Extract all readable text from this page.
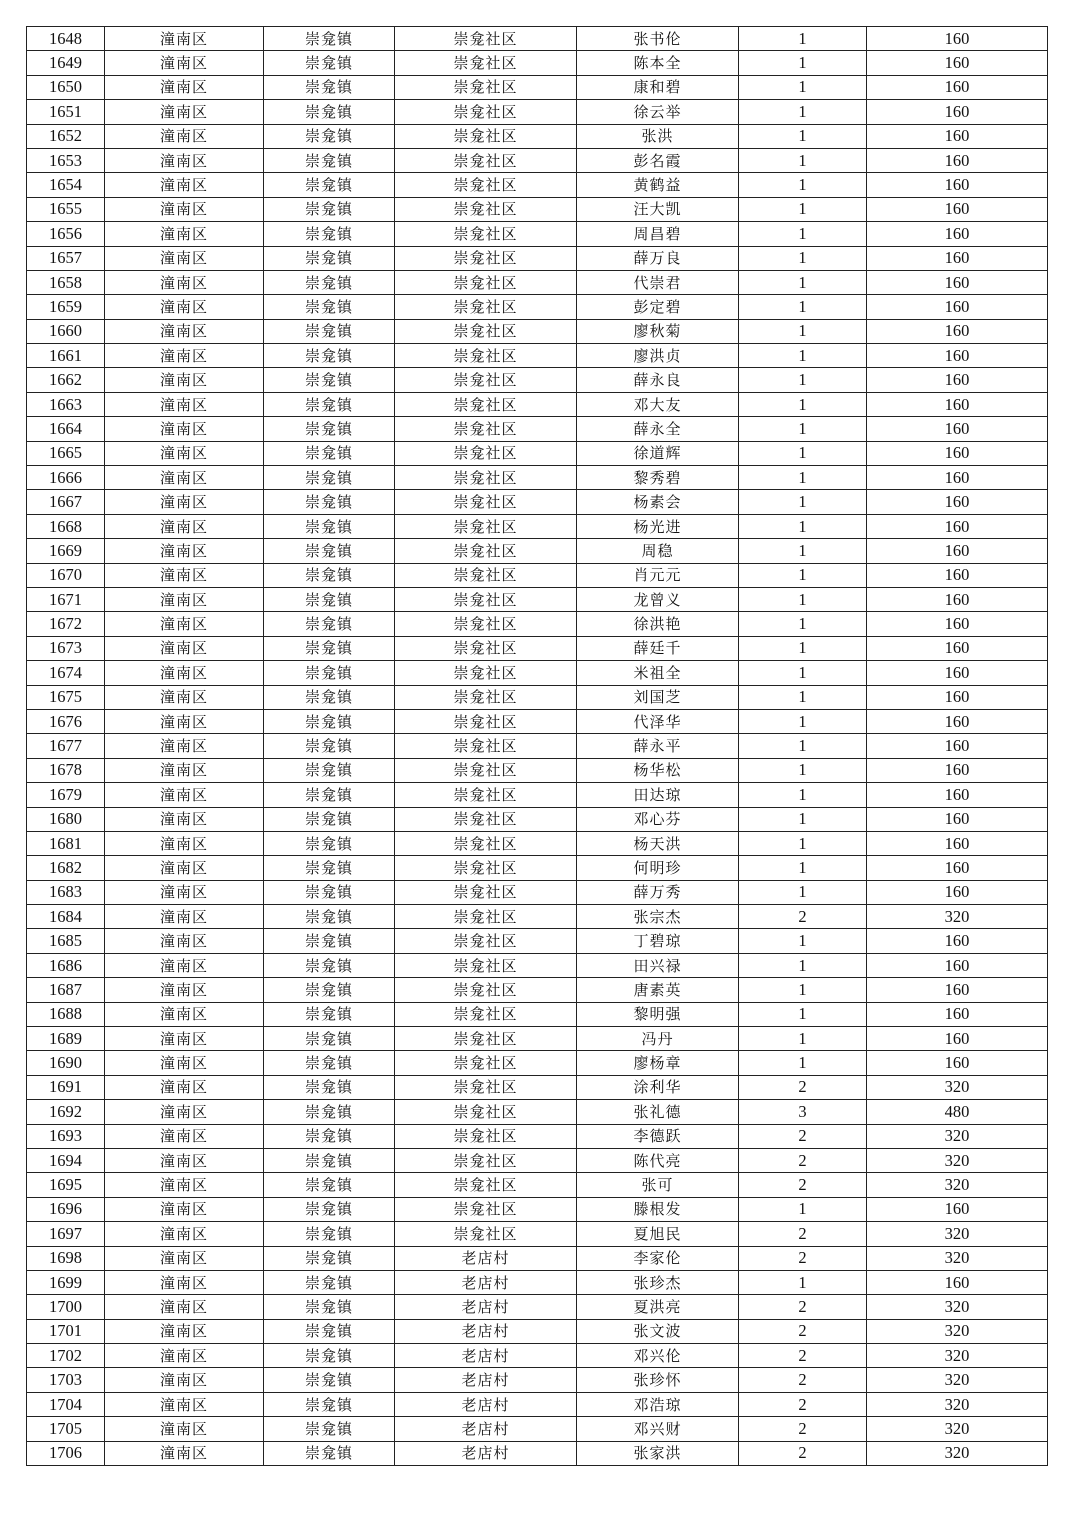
1648	潼南区	崇龛镇	崇龛社区	张书伦	1	160
1649	潼南区	崇龛镇	崇龛社区	陈本全	1	160
1650	潼南区	崇龛镇	崇龛社区	康和碧	1	160
1651	潼南区	崇龛镇	崇龛社区	徐云举	1	160
1652	潼南区	崇龛镇	崇龛社区	张洪	1	160
1653	潼南区	崇龛镇	崇龛社区	彭名霞	1	160
1654	潼南区	崇龛镇	崇龛社区	黄鹤益	1	160
1655	潼南区	崇龛镇	崇龛社区	汪大凯	1	160
1656	潼南区	崇龛镇	崇龛社区	周昌碧	1	160
1657	潼南区	崇龛镇	崇龛社区	薛万良	1	160
1658	潼南区	崇龛镇	崇龛社区	代崇君	1	160
1659	潼南区	崇龛镇	崇龛社区	彭定碧	1	160
1660	潼南区	崇龛镇	崇龛社区	廖秋菊	1	160
1661	潼南区	崇龛镇	崇龛社区	廖洪贞	1	160
1662	潼南区	崇龛镇	崇龛社区	薛永良	1	160
1663	潼南区	崇龛镇	崇龛社区	邓大友	1	160
1664	潼南区	崇龛镇	崇龛社区	薛永全	1	160
1665	潼南区	崇龛镇	崇龛社区	徐道辉	1	160
1666	潼南区	崇龛镇	崇龛社区	黎秀碧	1	160
1667	潼南区	崇龛镇	崇龛社区	杨素会	1	160
1668	潼南区	崇龛镇	崇龛社区	杨光进	1	160
1669	潼南区	崇龛镇	崇龛社区	周稳	1	160
1670	潼南区	崇龛镇	崇龛社区	肖元元	1	160
1671	潼南区	崇龛镇	崇龛社区	龙曾义	1	160
1672	潼南区	崇龛镇	崇龛社区	徐洪艳	1	160
1673	潼南区	崇龛镇	崇龛社区	薛廷千	1	160
1674	潼南区	崇龛镇	崇龛社区	米祖全	1	160
1675	潼南区	崇龛镇	崇龛社区	刘国芝	1	160
1676	潼南区	崇龛镇	崇龛社区	代泽华	1	160
1677	潼南区	崇龛镇	崇龛社区	薛永平	1	160
1678	潼南区	崇龛镇	崇龛社区	杨华松	1	160
1679	潼南区	崇龛镇	崇龛社区	田达琼	1	160
1680	潼南区	崇龛镇	崇龛社区	邓心芬	1	160
1681	潼南区	崇龛镇	崇龛社区	杨天洪	1	160
1682	潼南区	崇龛镇	崇龛社区	何明珍	1	160
1683	潼南区	崇龛镇	崇龛社区	薛万秀	1	160
1684	潼南区	崇龛镇	崇龛社区	张宗杰	2	320
1685	潼南区	崇龛镇	崇龛社区	丁碧琼	1	160
1686	潼南区	崇龛镇	崇龛社区	田兴禄	1	160
1687	潼南区	崇龛镇	崇龛社区	唐素英	1	160
1688	潼南区	崇龛镇	崇龛社区	黎明强	1	160
1689	潼南区	崇龛镇	崇龛社区	冯丹	1	160
1690	潼南区	崇龛镇	崇龛社区	廖杨章	1	160
1691	潼南区	崇龛镇	崇龛社区	涂利华	2	320
1692	潼南区	崇龛镇	崇龛社区	张礼德	3	480
1693	潼南区	崇龛镇	崇龛社区	李德跃	2	320
1694	潼南区	崇龛镇	崇龛社区	陈代亮	2	320
1695	潼南区	崇龛镇	崇龛社区	张可	2	320
1696	潼南区	崇龛镇	崇龛社区	滕根发	1	160
1697	潼南区	崇龛镇	崇龛社区	夏旭民	2	320
1698	潼南区	崇龛镇	老店村	李家伦	2	320
1699	潼南区	崇龛镇	老店村	张珍杰	1	160
1700	潼南区	崇龛镇	老店村	夏洪亮	2	320
1701	潼南区	崇龛镇	老店村	张文波	2	320
1702	潼南区	崇龛镇	老店村	邓兴伦	2	320
1703	潼南区	崇龛镇	老店村	张珍怀	2	320
1704	潼南区	崇龛镇	老店村	邓浩琼	2	320
1705	潼南区	崇龛镇	老店村	邓兴财	2	320
1706	潼南区	崇龛镇	老店村	张家洪	2	320
